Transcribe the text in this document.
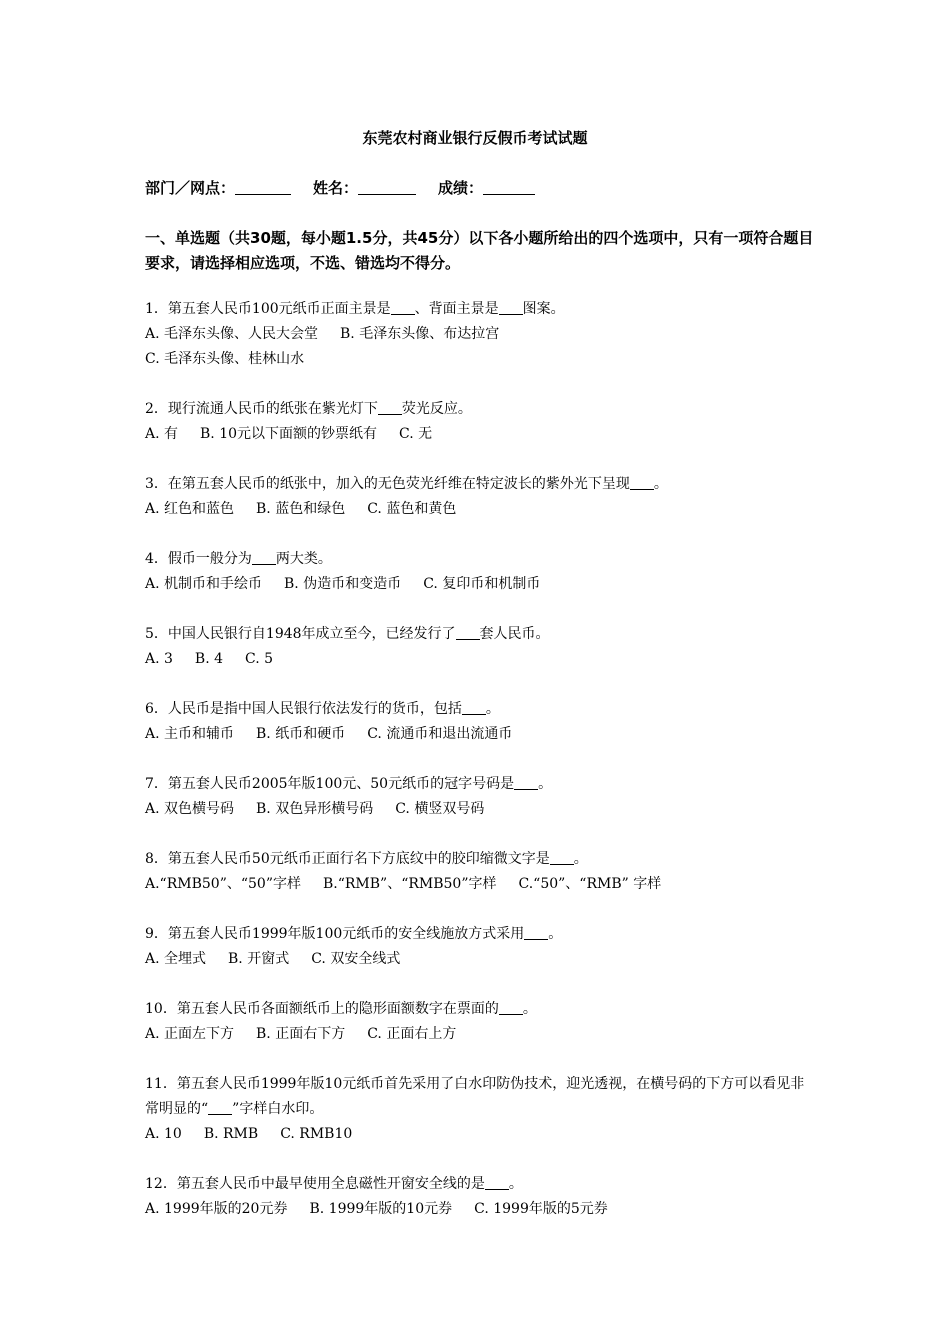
东莞农村商业银行反假币考试试题
部门／网点：	姓名：	成绩：
一、单选题（共30题，每小题1.5分，共45分）以下各小题所给出的四个选项中，只有一项符合题目要求，请选择相应选项，不选、错选均不得分。

1．第五套人民币100元纸币正面主景是 、背面主景是 图案。

A. 毛泽东头像、人民大会堂 B. 毛泽东头像、布达拉宫

C. 毛泽东头像、桂林山水

2．现行流通人民币的纸张在紫光灯下 荧光反应。

A. 有 B. 10元以下面额的钞票纸有 C. 无

3．在第五套人民币的纸张中，加入的无色荧光纤维在特定波长的紫外光下呈现 。

A. 红色和蓝色 B. 蓝色和绿色 C. 蓝色和黄色

4．假币一般分为 两大类。

A. 机制币和手绘币 B. 伪造币和变造币 C. 复印币和机制币

5．中国人民银行自1948年成立至今，已经发行了 套人民币。

A. 3 B. 4 C. 5

6．人民币是指中国人民银行依法发行的货币，包括 。

A. 主币和辅币 B. 纸币和硬币 C. 流通币和退出流通币

7．第五套人民币2005年版100元、50元纸币的冠字号码是 。

A. 双色横号码 B. 双色异形横号码 C. 横竖双号码

8．第五套人民币50元纸币正面行名下方底纹中的胶印缩微文字是 。

A.“RMB50”、“50”字样 B.“RMB”、“RMB50”字样 C.“50”、“RMB” 字样

9．第五套人民币1999年版100元纸币的安全线施放方式采用 。

A. 全埋式 B. 开窗式 C. 双安全线式

10．第五套人民币各面额纸币上的隐形面额数字在票面的 。

A. 正面左下方 B. 正面右下方 C. 正面右上方

11．第五套人民币1999年版10元纸币首先采用了白水印防伪技术，迎光透视，在横号码的下方可以看见非常明显的“ ”字样白水印。

A. 10 B. RMB C. RMB10

12．第五套人民币中最早使用全息磁性开窗安全线的是 。

A. 1999年版的20元券 B. 1999年版的10元券 C. 1999年版的5元券
